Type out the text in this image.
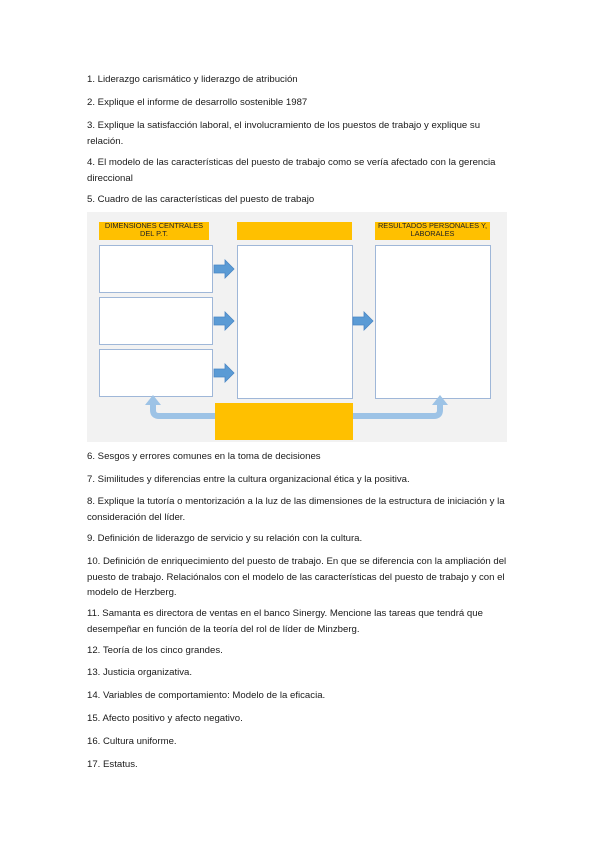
1. Liderazgo carismático y liderazgo de atribución
2. Explique el informe de desarrollo sostenible 1987
3. Explique la satisfacción laboral, el involucramiento de los puestos de trabajo y explique su relación.
4. El modelo de las características del puesto de trabajo como se vería afectado con la gerencia direccional
5. Cuadro de las características del puesto de trabajo
DIMENSIONES CENTRALES
DEL P.T.
RESULTADOS PERSONALES Y,
LABORALES
6. Sesgos y errores comunes en la toma de decisiones
7. Similitudes y diferencias entre la cultura organizacional ética y la positiva.
8. Explique la tutoría o mentorización a la luz de las dimensiones de la estructura de iniciación y la consideración del líder.
9. Definición de liderazgo de servicio y su relación con la cultura.
10. Definición de enriquecimiento del puesto de trabajo. En que se diferencia con la ampliación del puesto de trabajo. Relaciónalos con el modelo de las características del puesto de trabajo y con el modelo de Herzberg.
11. Samanta es directora de ventas en el banco Sinergy. Mencione las tareas que tendrá que desempeñar en función de la teoría del rol de líder de Minzberg.
12. Teoría de los cinco grandes.
13. Justicia organizativa.
14. Variables de comportamiento: Modelo de la eficacia.
15. Afecto positivo y afecto negativo.
16. Cultura uniforme.
17. Estatus.
